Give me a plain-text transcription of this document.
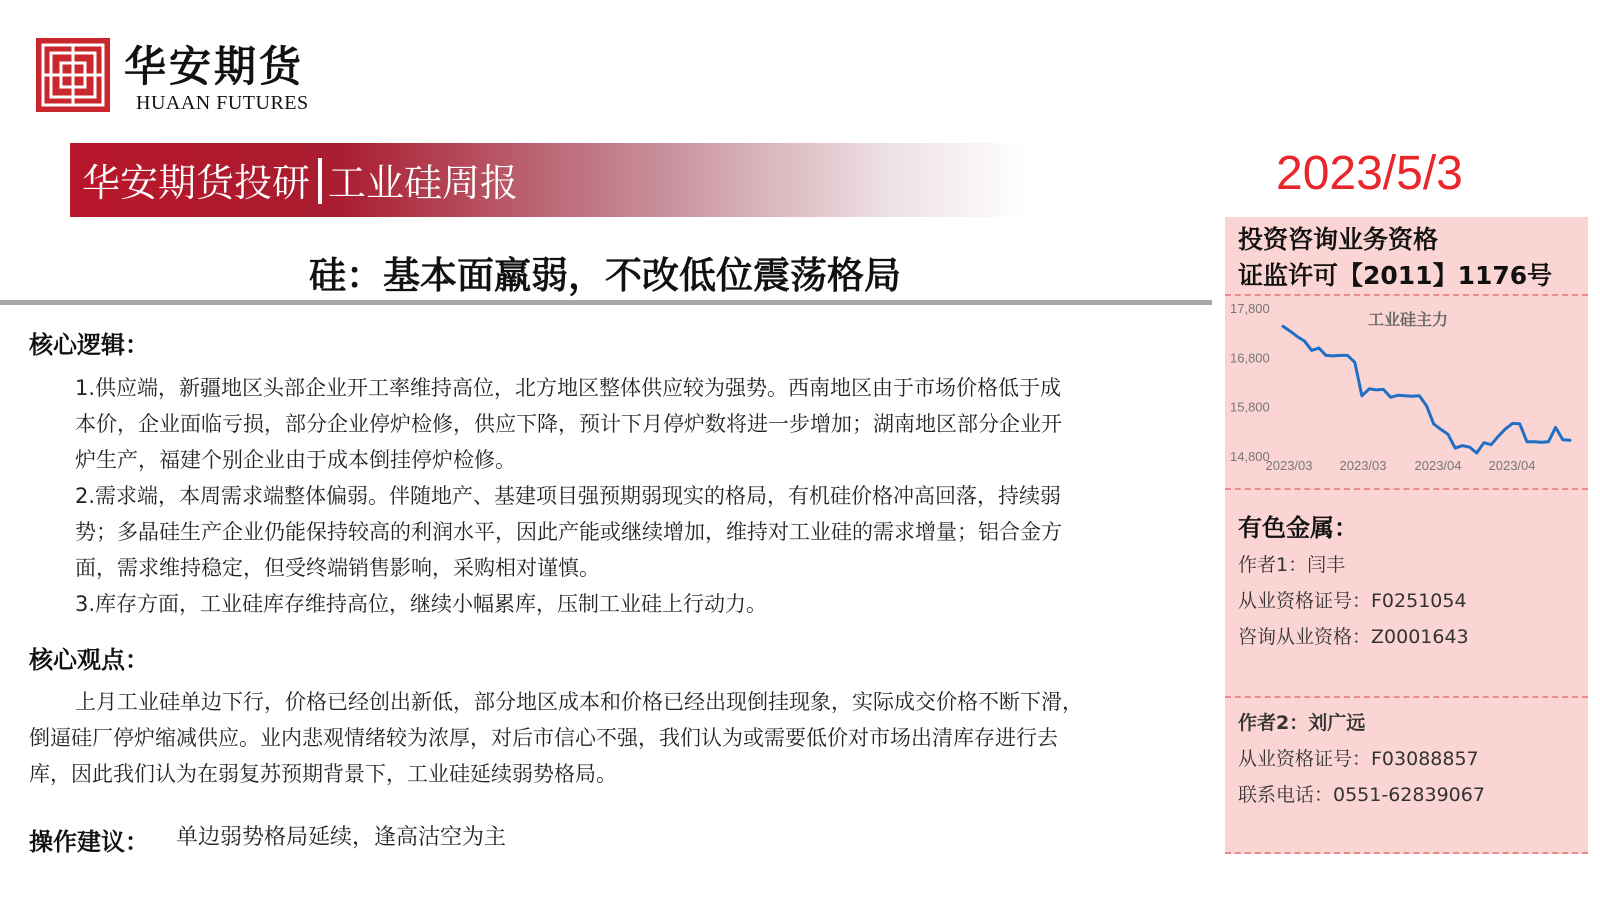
华安期货
HUAAN FUTURES
华安期货投研 工业硅周报	2023/5/3
硅：基本面羸弱，不改低位震荡格局
核心逻辑：
1.供应端，新疆地区头部企业开工率维持高位，北方地区整体供应较为强势。西南地区由于市场价格低于成
本价，企业面临亏损，部分企业停炉检修，供应下降，预计下月停炉数将进一步增加；湖南地区部分企业开
炉生产，福建个别企业由于成本倒挂停炉检修。
2.需求端，本周需求端整体偏弱。伴随地产、基建项目强预期弱现实的格局，有机硅价格冲高回落，持续弱
势；多晶硅生产企业仍能保持较高的利润水平，因此产能或继续增加，维持对工业硅的需求增量；铝合金方
面，需求维持稳定，但受终端销售影响，采购相对谨慎。
3.库存方面，工业硅库存维持高位，继续小幅累库，压制工业硅上行动力。
核心观点：
上月工业硅单边下行，价格已经创出新低，部分地区成本和价格已经出现倒挂现象，实际成交价格不断下滑，
倒逼硅厂停炉缩减供应。业内悲观情绪较为浓厚，对后市信心不强，我们认为或需要低价对市场出清库存进行去
库，因此我们认为在弱复苏预期背景下，工业硅延续弱势格局。
操作建议： 单边弱势格局延续，逢高沽空为主
投资咨询业务资格
证监许可【2011】1176号
工业硅主力
17,800
16,800
15,800
14,800
2023/03 2023/03 2023/04 2023/04
有色金属：
作者1：闫丰
从业资格证号：F0251054
咨询从业资格：Z0001643
作者2：刘广远
从业资格证号：F03088857
联系电话：0551-62839067
